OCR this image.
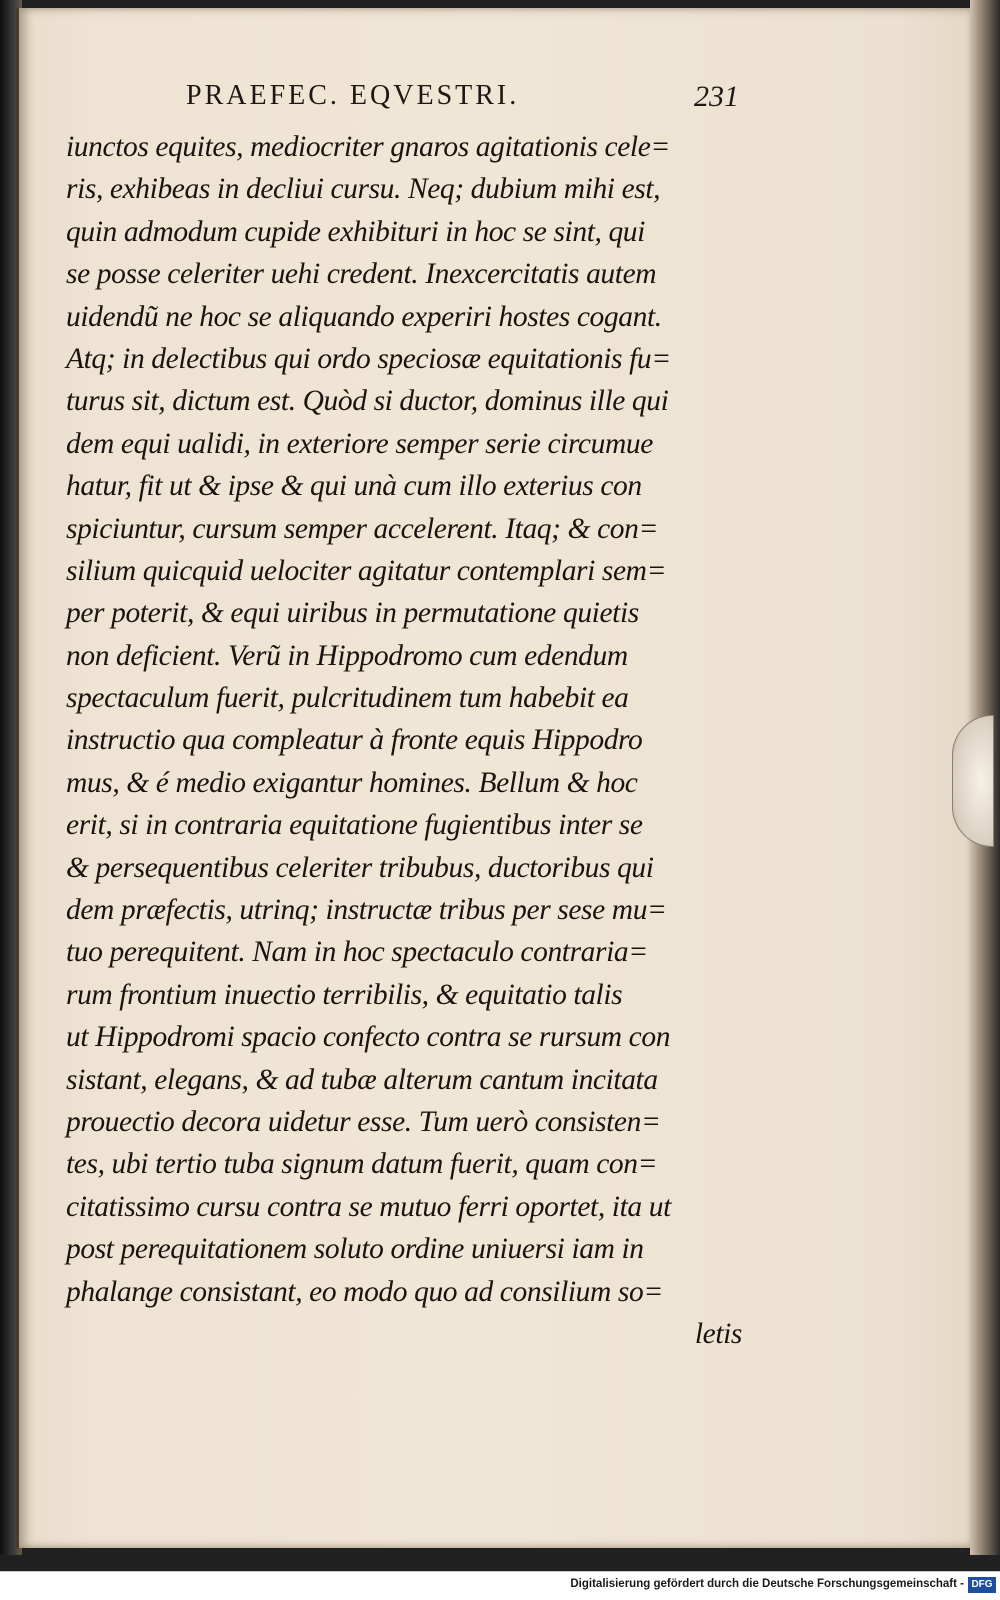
PRAEFEC. EQVESTRI.	231
iunctos equites, mediocriter gnaros agitationis cele=
ris, exhibeas in decliui cursu. Neq; dubium mihi est,
quin admodum cupide exhibituri in hoc se sint, qui
se posse celeriter uehi credent. Inexcercitatis autem
uidendũ ne hoc se aliquando experiri hostes cogant.
Atq; in delectibus qui ordo speciosæ equitationis fu=
turus sit, dictum est. Quòd si ductor, dominus ille qui
dem equi ualidi, in exteriore semper serie circumue
hatur, fit ut & ipse & qui unà cum illo exterius con
spiciuntur, cursum semper accelerent. Itaq; & con=
silium quicquid uelociter agitatur contemplari sem=
per poterit, & equi uiribus in permutatione quietis
non deficient. Verũ in Hippodromo cum edendum
spectaculum fuerit, pulcritudinem tum habebit ea
instructio qua compleatur à fronte equis Hippodro
mus, & é medio exigantur homines. Bellum & hoc
erit, si in contraria equitatione fugientibus inter se
& persequentibus celeriter tribubus, ductoribus qui
dem præfectis, utrinq; instructæ tribus per sese mu=
tuo perequitent. Nam in hoc spectaculo contraria=
rum frontium inuectio terribilis, & equitatio talis
ut Hippodromi spacio confecto contra se rursum con
sistant, elegans, & ad tubæ alterum cantum incitata
prouectio decora uidetur esse. Tum uerò consisten=
tes, ubi tertio tuba signum datum fuerit, quam con=
citatissimo cursu contra se mutuo ferri oportet, ita ut
post perequitationem soluto ordine uniuersi iam in
phalange consistant, eo modo quo ad consilium so=
letis
Digitalisierung gefördert durch die Deutsche Forschungsgemeinschaft - DFG
